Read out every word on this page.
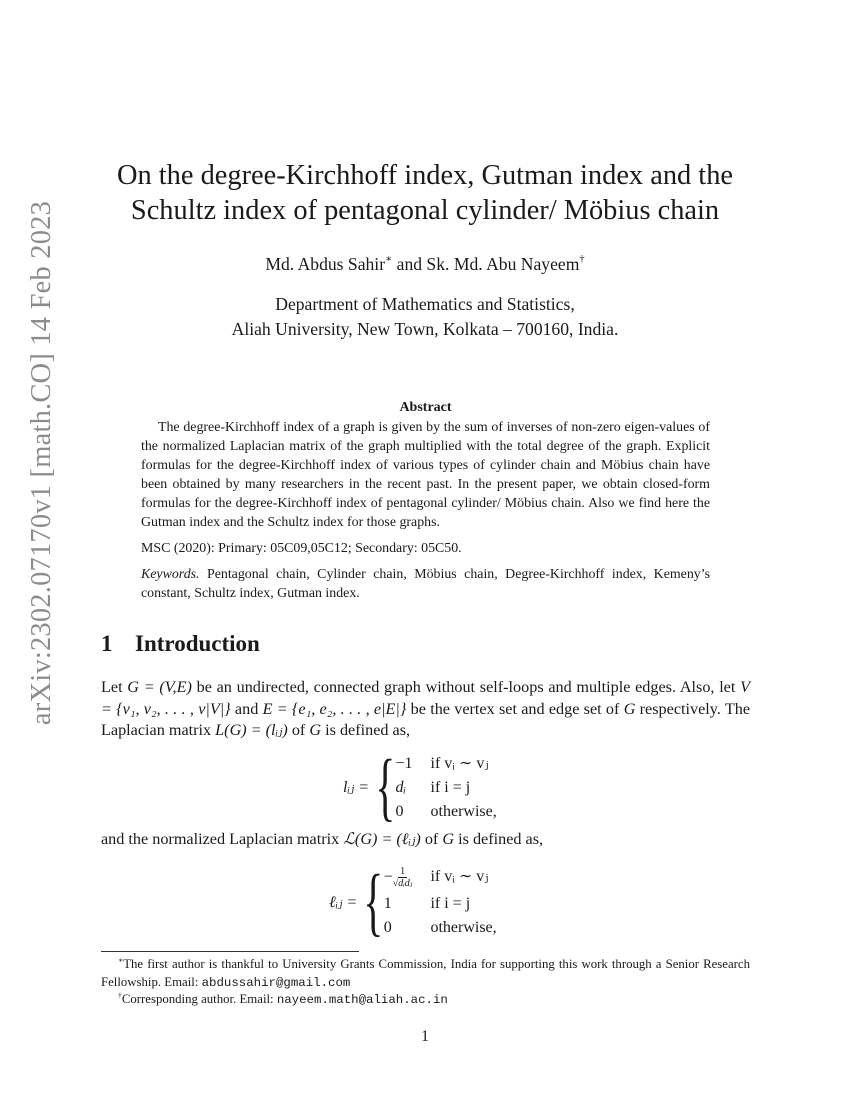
arXiv:2302.07170v1 [math.CO] 14 Feb 2023
On the degree-Kirchhoff index, Gutman index and the
Schultz index of pentagonal cylinder/ Möbius chain
Md. Abdus Sahir∗ and Sk. Md. Abu Nayeem†
Department of Mathematics and Statistics,
Aliah University, New Town, Kolkata – 700160, India.
Abstract

The degree-Kirchhoff index of a graph is given by the sum of inverses of non-zero eigen-values of the normalized Laplacian matrix of the graph multiplied with the total degree of the graph. Explicit formulas for the degree-Kirchhoff index of various types of cylinder chain and Möbius chain have been obtained by many researchers in the recent past. In the present paper, we obtain closed-form formulas for the degree-Kirchhoff index of pentagonal cylinder/ Möbius chain. Also we find here the Gutman index and the Schultz index for those graphs.

MSC (2020): Primary: 05C09,05C12; Secondary: 05C50.

Keywords. Pentagonal chain, Cylinder chain, Möbius chain, Degree-Kirchhoff index, Kemeny’s constant, Schultz index, Gutman index.

1 Introduction
Let G = (V,E) be an undirected, connected graph without self-loops and multiple edges. Also, let V = {v₁, v₂, . . . , v|V|} and E = {e₁, e₂, . . . , e|E|} be the vertex set and edge set of G respectively. The Laplacian matrix L(G) = (lᵢⱼ) of G is defined as,
lᵢⱼ = { −1 if vᵢ ∼ vⱼ
dᵢ	if i = j
0	otherwise,
and the normalized Laplacian matrix ℒ(G) = (ℓᵢⱼ) of G is defined as,
ℓᵢⱼ = { − $\frac{1}{\text{√dᵢdⱼ}}$ if vᵢ ∼ vⱼ
1	if i = j
0	otherwise,
∗The first author is thankful to University Grants Commission, India for supporting this work through a Senior Research Fellowship. Email: abdussahir@gmail.com
†Corresponding author. Email: nayeem.math@aliah.ac.in
1
